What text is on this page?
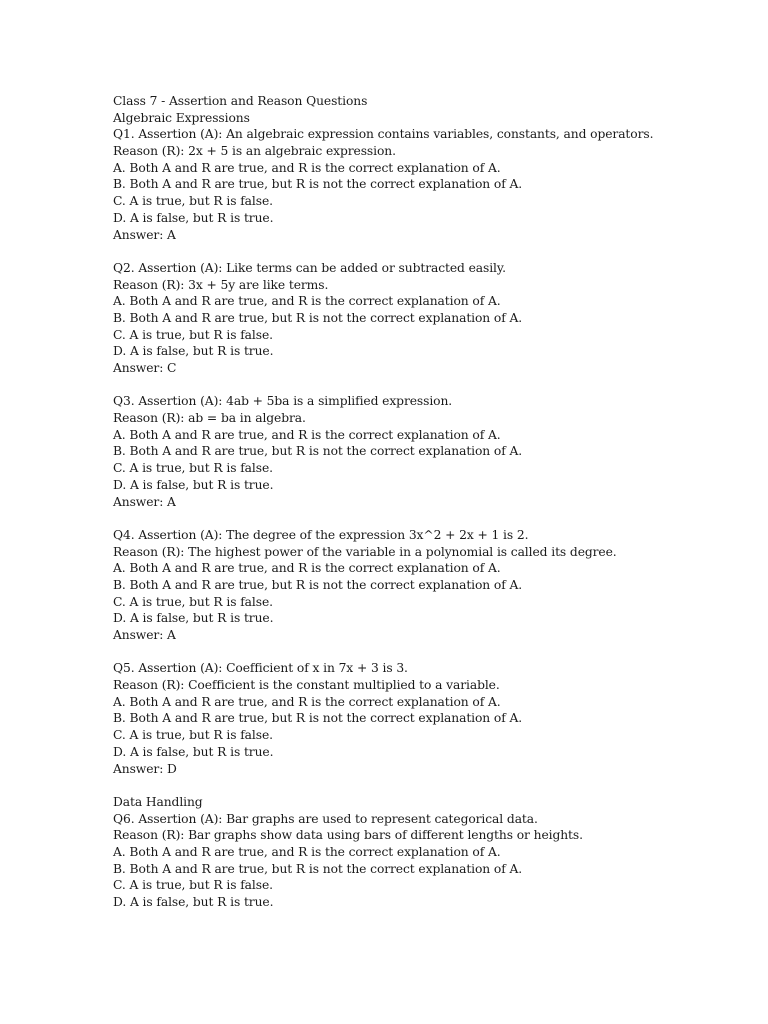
Class 7 - Assertion and Reason Questions
Algebraic Expressions
Q1. Assertion (A): An algebraic expression contains variables, constants, and operators.
Reason (R): 2x + 5 is an algebraic expression.
A. Both A and R are true, and R is the correct explanation of A.
B. Both A and R are true, but R is not the correct explanation of A.
C. A is true, but R is false.
D. A is false, but R is true.
Answer: A
Q2. Assertion (A): Like terms can be added or subtracted easily.
Reason (R): 3x + 5y are like terms.
A. Both A and R are true, and R is the correct explanation of A.
B. Both A and R are true, but R is not the correct explanation of A.
C. A is true, but R is false.
D. A is false, but R is true.
Answer: C
Q3. Assertion (A): 4ab + 5ba is a simplified expression.
Reason (R): ab = ba in algebra.
A. Both A and R are true, and R is the correct explanation of A.
B. Both A and R are true, but R is not the correct explanation of A.
C. A is true, but R is false.
D. A is false, but R is true.
Answer: A
Q4. Assertion (A): The degree of the expression 3x^2 + 2x + 1 is 2.
Reason (R): The highest power of the variable in a polynomial is called its degree.
A. Both A and R are true, and R is the correct explanation of A.
B. Both A and R are true, but R is not the correct explanation of A.
C. A is true, but R is false.
D. A is false, but R is true.
Answer: A
Q5. Assertion (A): Coefficient of x in 7x + 3 is 3.
Reason (R): Coefficient is the constant multiplied to a variable.
A. Both A and R are true, and R is the correct explanation of A.
B. Both A and R are true, but R is not the correct explanation of A.
C. A is true, but R is false.
D. A is false, but R is true.
Answer: D
Data Handling
Q6. Assertion (A): Bar graphs are used to represent categorical data.
Reason (R): Bar graphs show data using bars of different lengths or heights.
A. Both A and R are true, and R is the correct explanation of A.
B. Both A and R are true, but R is not the correct explanation of A.
C. A is true, but R is false.
D. A is false, but R is true.
